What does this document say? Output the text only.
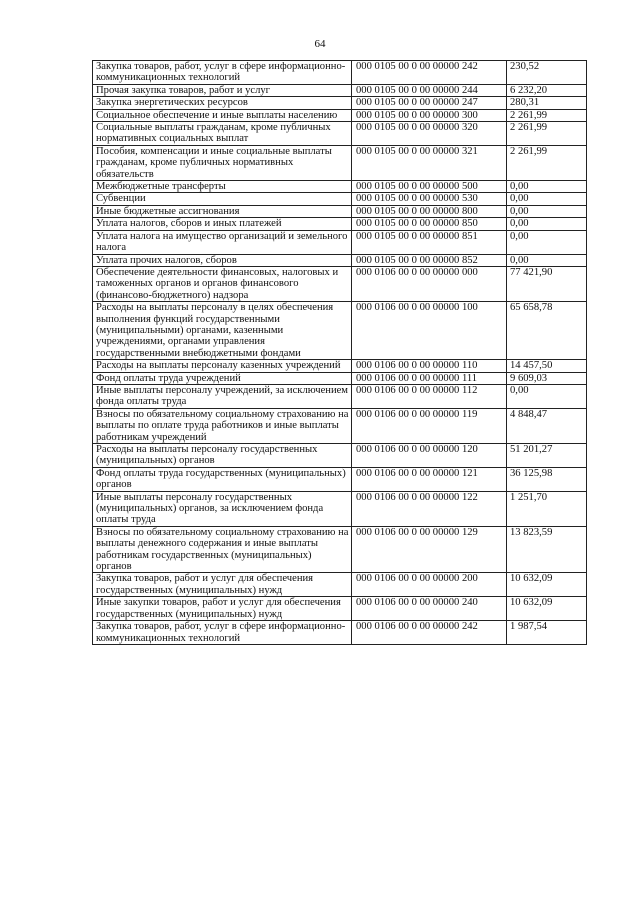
64
Закупка товаров, работ, услуг в сфере информационно-коммуникационных технологий	000 0105 00 0 00 00000 242	230,52
Прочая закупка товаров, работ и услуг	000 0105 00 0 00 00000 244	6 232,20
Закупка энергетических ресурсов	000 0105 00 0 00 00000 247	280,31
Социальное обеспечение и иные выплаты населению	000 0105 00 0 00 00000 300	2 261,99
Социальные выплаты гражданам, кроме публичных нормативных социальных выплат	000 0105 00 0 00 00000 320	2 261,99
Пособия, компенсации и иные социальные выплаты гражданам, кроме публичных нормативных обязательств	000 0105 00 0 00 00000 321	2 261,99
Межбюджетные трансферты	000 0105 00 0 00 00000 500	0,00
Субвенции	000 0105 00 0 00 00000 530	0,00
Иные бюджетные ассигнования	000 0105 00 0 00 00000 800	0,00
Уплата налогов, сборов и иных платежей	000 0105 00 0 00 00000 850	0,00
Уплата налога на имущество организаций и земельного налога	000 0105 00 0 00 00000 851	0,00
Уплата прочих налогов, сборов	000 0105 00 0 00 00000 852	0,00
Обеспечение деятельности финансовых, налоговых и таможенных органов и органов финансового (финансово-бюджетного) надзора	000 0106 00 0 00 00000 000	77 421,90
Расходы на выплаты персоналу в целях обеспечения выполнения функций государственными (муниципальными) органами, казенными учреждениями, органами управления государственными внебюджетными фондами	000 0106 00 0 00 00000 100	65 658,78
Расходы на выплаты персоналу казенных учреждений	000 0106 00 0 00 00000 110	14 457,50
Фонд оплаты труда учреждений	000 0106 00 0 00 00000 111	9 609,03
Иные выплаты персоналу учреждений, за исключением фонда оплаты труда	000 0106 00 0 00 00000 112	0,00
Взносы по обязательному социальному страхованию на выплаты по оплате труда работников и иные выплаты работникам учреждений	000 0106 00 0 00 00000 119	4 848,47
Расходы на выплаты персоналу государственных (муниципальных) органов	000 0106 00 0 00 00000 120	51 201,27
Фонд оплаты труда государственных (муниципальных) органов	000 0106 00 0 00 00000 121	36 125,98
Иные выплаты персоналу государственных (муниципальных) органов, за исключением фонда оплаты труда	000 0106 00 0 00 00000 122	1 251,70
Взносы по обязательному социальному страхованию на выплаты денежного содержания и иные выплаты работникам государственных (муниципальных) органов	000 0106 00 0 00 00000 129	13 823,59
Закупка товаров, работ и услуг для обеспечения государственных (муниципальных) нужд	000 0106 00 0 00 00000 200	10 632,09
Иные закупки товаров, работ и услуг для обеспечения государственных (муниципальных) нужд	000 0106 00 0 00 00000 240	10 632,09
Закупка товаров, работ, услуг в сфере информационно-коммуникационных технологий	000 0106 00 0 00 00000 242	1 987,54
